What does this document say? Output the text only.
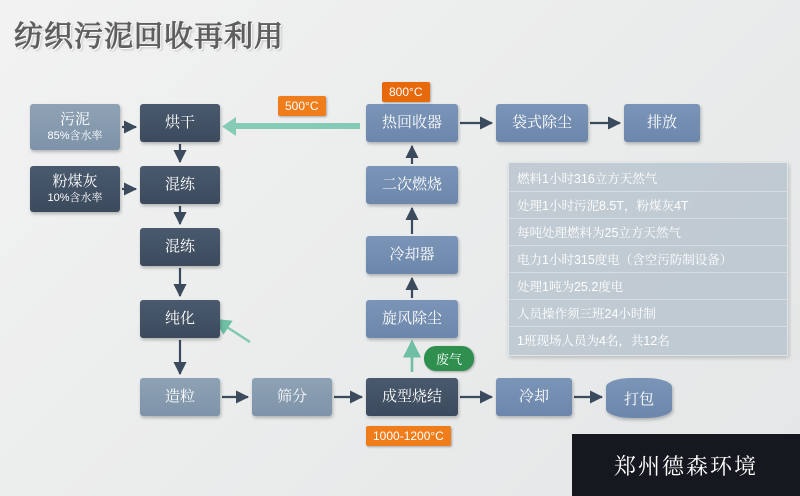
纺织污泥回收再利用
污泥
85%含水率
粉煤灰
10%含水率
烘干
混练
混练
纯化
造粒	筛分	成型烧结	冷却
旋风除尘
冷却器
二次燃烧
热回收器	袋式除尘	排放
打包
500°C
800°C
1000-1200°C
废气
燃料1小时316立方天然气
处理1小时污泥8.5T，粉煤灰4T
每吨处理燃料为25立方天然气
电力1小时315度电（含空污防制设备）
处理1吨为25.2度电
人员操作须三班24小时制
1班现场人员为4名，共12名
郑州德森环境
